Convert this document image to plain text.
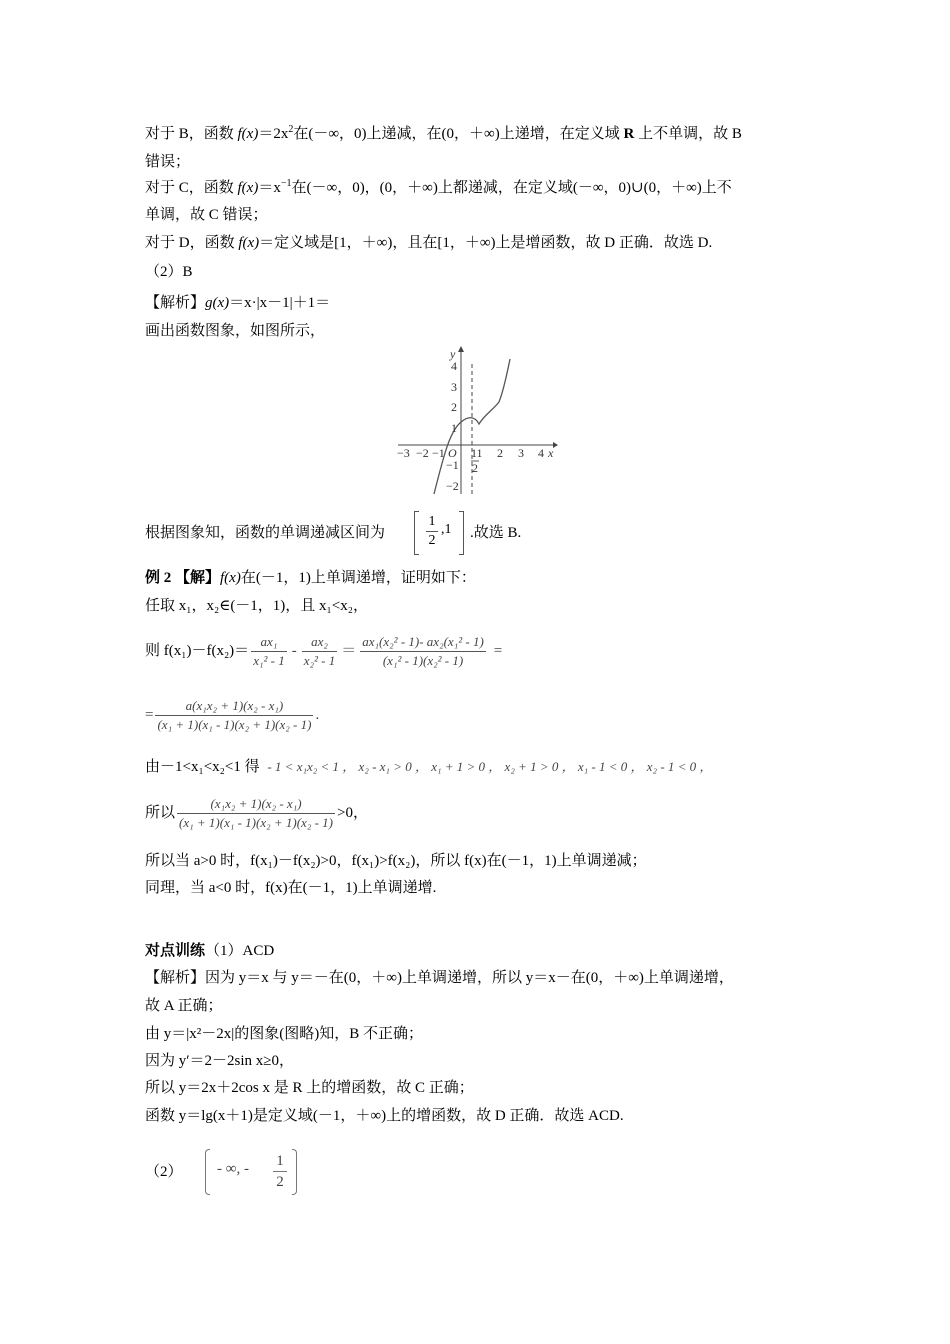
对于 B，函数 $f(x)=2x^2$在(－∞，0)上递减，在(0，＋∞)上递增，在定义域 R 上不单调，故 B
错误；
对于 C，函数 $f(x)=x^{-1}$在(－∞，0)，(0，＋∞)上都递减，在定义域(－∞，0)∪(0，＋∞)上不
单调，故 C 错误；
对于 D，函数 f(x)＝定义域是[1，＋∞)，且在[1，＋∞)上是增函数，故 D 正确．故选 D.
（2）B
【解析】g(x)＝x·|x－1|＋1＝
画出函数图象，如图所示，
y
x
O
4
3
2
1
−1
−2
−3 −2 −1 11 2 3 4
2
根据图象知，函数的单调递减区间为
1
2
,1 .故选 B.
例 2 【解】f(x)在(－1，1)上单调递增，证明如下：
任取 x₁，x₂∈(－1，1)，且 x₁<x₂，
则 $f(x_1)-f(x_2)= \frac{\text{ax₁}}{\text{x₁² - 1}} - \frac{\text{ax₂}}{\text{x₂² - 1}} = \frac{\text{ax₁(x₂² - 1)- ax₂(x₁² - 1)}}{\text{(x₁² - 1)(x₂² - 1)}}$ =
= $\frac{\text{a(x₁x₂ + 1)(x₂ - x₁)}}{\text{(x₁ + 1)(x₁ - 1)(x₂ + 1)(x₂ - 1)}}$ .
由－1<x₁<x₂<1 得 - 1 < x₁x₂ < 1 ， x₂ - x₁ > 0 ， x₁ + 1 > 0 ， x₂ + 1 > 0 ， x₁ - 1 < 0 ， x₂ - 1 < 0 ，
所以 $\frac{\text{(x₁x₂ + 1)(x₂ - x₁)}}{\text{(x₁ + 1)(x₁ - 1)(x₂ + 1)(x₂ - 1)}} >0$，
所以当 a>0 时，f(x₁)－f(x₂)>0，f(x₁)>f(x₂)，所以 f(x)在(－1，1)上单调递减；
同理，当 a<0 时，f(x)在(－1，1)上单调递增.
对点训练（1）ACD
【解析】因为 y＝x 与 y＝－在(0，＋∞)上单调递增，所以 y＝x－在(0，＋∞)上单调递增，
故 A 正确；
由 y＝|x²－2x|的图象(图略)知，B 不正确；
因为 y′＝2－2sin x≥0，
所以 y＝2x＋2cos x 是 R 上的增函数，故 C 正确；
函数 y＝lg(x＋1)是定义域(－1，＋∞)上的增函数，故 D 正确．故选 ACD.
（2） - ∞, - 1
2
